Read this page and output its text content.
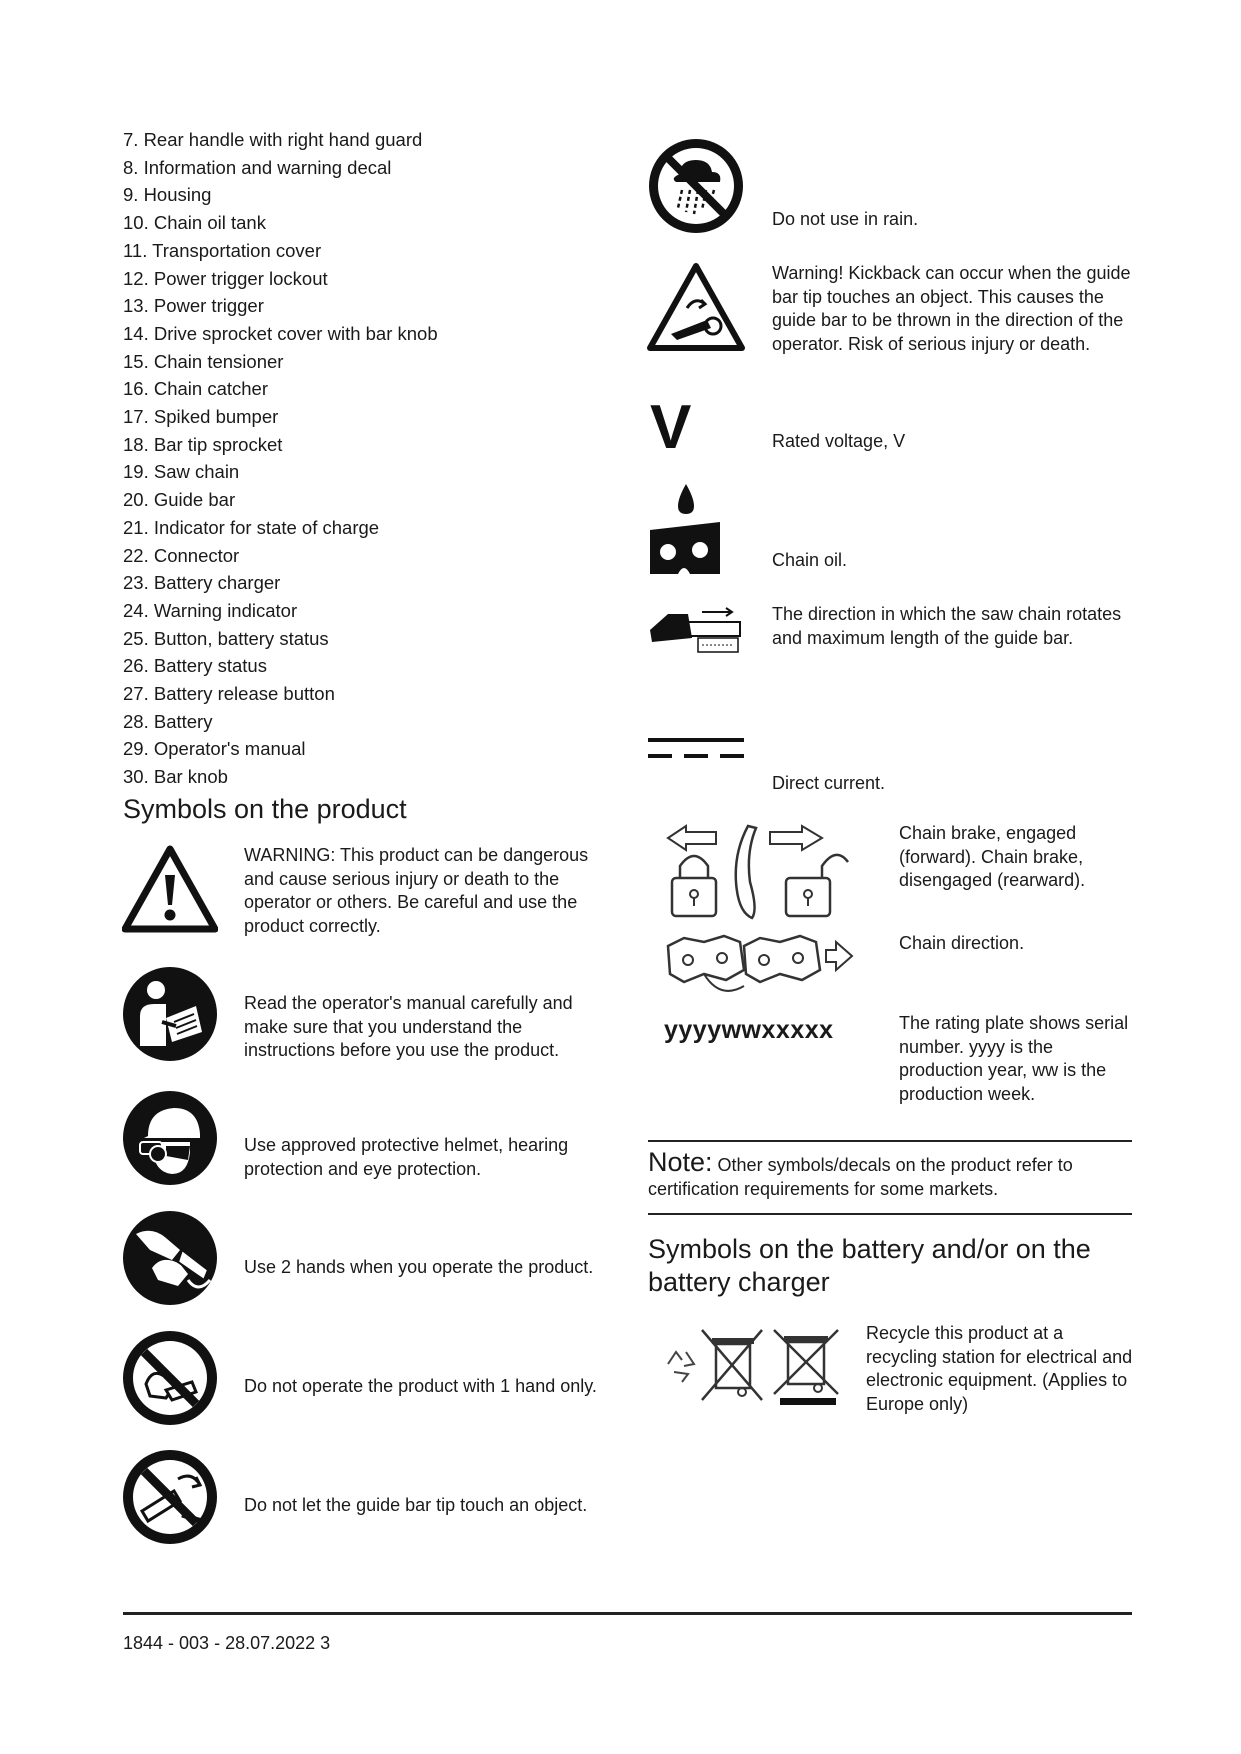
7. Rear handle with right hand guard
8. Information and warning decal
9. Housing
10. Chain oil tank
11. Transportation cover
12. Power trigger lockout
13. Power trigger
14. Drive sprocket cover with bar knob
15. Chain tensioner
16. Chain catcher
17. Spiked bumper
18. Bar tip sprocket
19. Saw chain
20. Guide bar
21. Indicator for state of charge
22. Connector
23. Battery charger
24. Warning indicator
25. Button, battery status
26. Battery status
27. Battery release button
28. Battery
29. Operator's manual
30. Bar knob
Symbols on the product
WARNING: This product can be dangerous and cause serious injury or death to the operator or others. Be careful and use the product correctly.
Read the operator's manual carefully and make sure that you understand the instructions before you use the product.
Use approved protective helmet, hearing protection and eye protection.
Use 2 hands when you operate the product.
Do not operate the product with 1 hand only.
Do not let the guide bar tip touch an object.
Do not use in rain.
Warning! Kickback can occur when the guide bar tip touches an object. This causes the guide bar to be thrown in the direction of the operator. Risk of serious injury or death.
V	Rated voltage, V
Chain oil.
The direction in which the saw chain rotates and maximum length of the guide bar.
Direct current.
Chain brake, engaged (forward). Chain brake, disengaged (rearward).
Chain direction.
yyyywwxxxxx	The rating plate shows serial number. yyyy is the production year, ww is the production week.
Note: Other symbols/decals on the product refer to certification requirements for some markets.
Symbols on the battery and/or on the battery charger
Recycle this product at a recycling station for electrical and electronic equipment. (Applies to Europe only)
1844 - 003 - 28.07.2022 3
